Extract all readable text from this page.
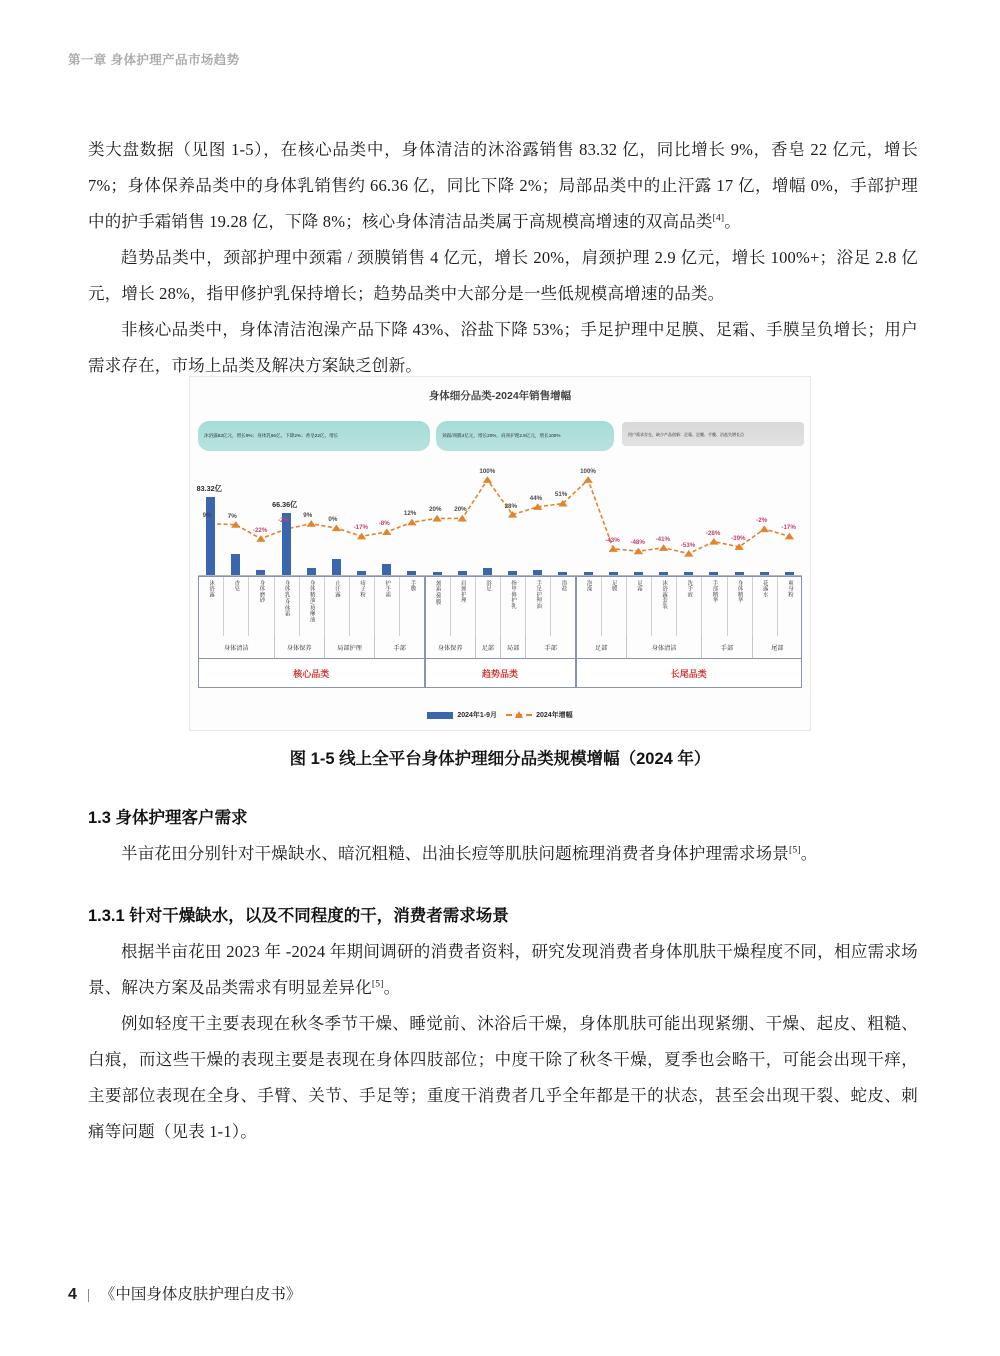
第一章 身体护理产品市场趋势

类大盘数据（见图 1-5），在核心品类中，身体清洁的沐浴露销售 83.32 亿，同比增长 9%，香皂 22 亿元，增长 7%；身体保养品类中的身体乳销售约 66.36 亿，同比下降 2%；局部品类中的止汗露 17 亿，增幅 0%，手部护理中的护手霜销售 19.28 亿，下降 8%；核心身体清洁品类属于高规模高增速的双高品类[4]。

趋势品类中，颈部护理中颈霜 / 颈膜销售 4 亿元，增长 20%，肩颈护理 2.9 亿元，增长 100%+；浴足 2.8 亿元，增长 28%，指甲修护乳保持增长；趋势品类中大部分是一些低规模高增速的品类。

非核心品类中，身体清洁泡澡产品下降 43%、浴盐下降 53%；手足护理中足膜、足霜、手膜呈负增长；用户需求存在，市场上品类及解决方案缺乏创新。

身体细分品类-2024年销售增幅
沐浴露83亿元，增长9%；身体乳66亿，下降2%；香皂22亿，增长	颈霜/颈膜4亿元，增长20%，肩颈护理2.9亿元，增长100%	用户需求存在，缺少产品创新：足霜、足膜、手膜、浴盐失增长点
83.32亿
66.36亿
9%	7%
-22%
-2%
9%
0%
-17%
-8%
12%
20% 20%
100%
28%
44% 51%
100%
-43% -48% -41%
-53%
-28%
-39%
-2%
-17%
沐浴露	香皂	身体磨砂	身体乳/身体霜	身体精油/按摩油	止汗露	痱子粉	护手霜	手膜	颈霜/颈膜	肩颈护理	浴足	指甲修护乳	手足护理油	浴盐	泡澡	足膜	足霜	沐浴露套装	洗手液	手部精华	身体精华	花露水	爽身粉
身体清洁	身体保养	局部护理	手部	身体保养	足部	局部	手部	足部	身体清洁	手部	尾部
核心品类	趋势品类	长尾品类
2024年1-9月	2024年增幅
图 1-5 线上全平台身体护理细分品类规模增幅（2024 年）
1.3 身体护理客户需求

半亩花田分别针对干燥缺水、暗沉粗糙、出油长痘等肌肤问题梳理消费者身体护理需求场景[5]。

1.3.1 针对干燥缺水，以及不同程度的干，消费者需求场景

根据半亩花田 2023 年 -2024 年期间调研的消费者资料，研究发现消费者身体肌肤干燥程度不同，相应需求场景、解决方案及品类需求有明显差异化[5]。

例如轻度干主要表现在秋冬季节干燥、睡觉前、沐浴后干燥，身体肌肤可能出现紧绷、干燥、起皮、粗糙、白痕，而这些干燥的表现主要是表现在身体四肢部位；中度干除了秋冬干燥，夏季也会略干，可能会出现干痒，主要部位表现在全身、手臂、关节、手足等；重度干消费者几乎全年都是干的状态，甚至会出现干裂、蛇皮、刺痛等问题（见表 1-1）。

4 | 《中国身体皮肤护理白皮书》
